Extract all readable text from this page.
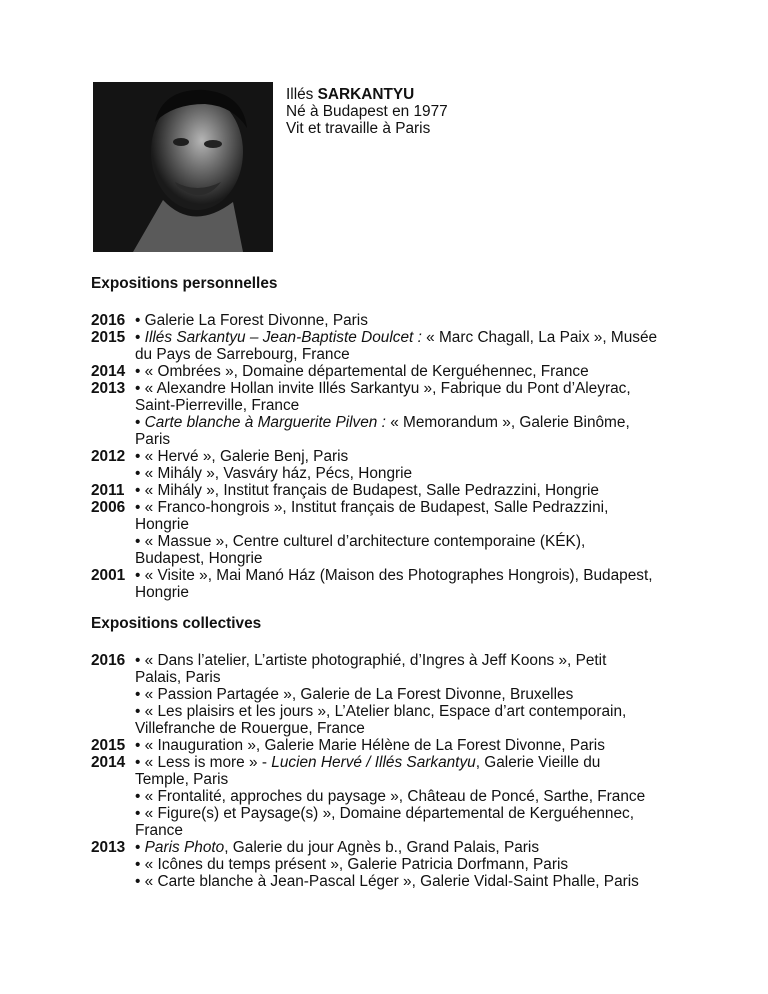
Illés SARKANTYU
Né à Budapest en 1977
Vit et travaille à Paris
Expositions personnelles
2016 • Galerie La Forest Divonne, Paris
2015 • Illés Sarkantyu – Jean-Baptiste Doulcet : « Marc Chagall, La Paix », Musée
du Pays de Sarrebourg, France
2014 • « Ombrées », Domaine départemental de Kerguéhennec, France
2013 • « Alexandre Hollan invite Illés Sarkantyu », Fabrique du Pont d’Aleyrac,
Saint-Pierreville, France
• Carte blanche à Marguerite Pilven : « Memorandum », Galerie Binôme,
Paris
2012 • « Hervé », Galerie Benj, Paris
• « Mihály », Vasváry ház, Pécs, Hongrie
2011 • « Mihály », Institut français de Budapest, Salle Pedrazzini, Hongrie
2006 • « Franco-hongrois », Institut français de Budapest, Salle Pedrazzini,
Hongrie
• « Massue », Centre culturel d’architecture contemporaine (KÉK),
Budapest, Hongrie
2001 • « Visite », Mai Manó Ház (Maison des Photographes Hongrois), Budapest,
Hongrie
Expositions collectives
2016 • « Dans l’atelier, L’artiste photographié, d’Ingres à Jeff Koons », Petit
Palais, Paris
• « Passion Partagée », Galerie de La Forest Divonne, Bruxelles
• « Les plaisirs et les jours », L’Atelier blanc, Espace d’art contemporain,
Villefranche de Rouergue, France
2015 • « Inauguration », Galerie Marie Hélène de La Forest Divonne, Paris
2014 • « Less is more » - Lucien Hervé / Illés Sarkantyu, Galerie Vieille du
Temple, Paris
• « Frontalité, approches du paysage », Château de Poncé, Sarthe, France
• « Figure(s) et Paysage(s) », Domaine départemental de Kerguéhennec,
France
2013 • Paris Photo, Galerie du jour Agnès b., Grand Palais, Paris
• « Icônes du temps présent », Galerie Patricia Dorfmann, Paris
• « Carte blanche à Jean-Pascal Léger », Galerie Vidal-Saint Phalle, Paris
